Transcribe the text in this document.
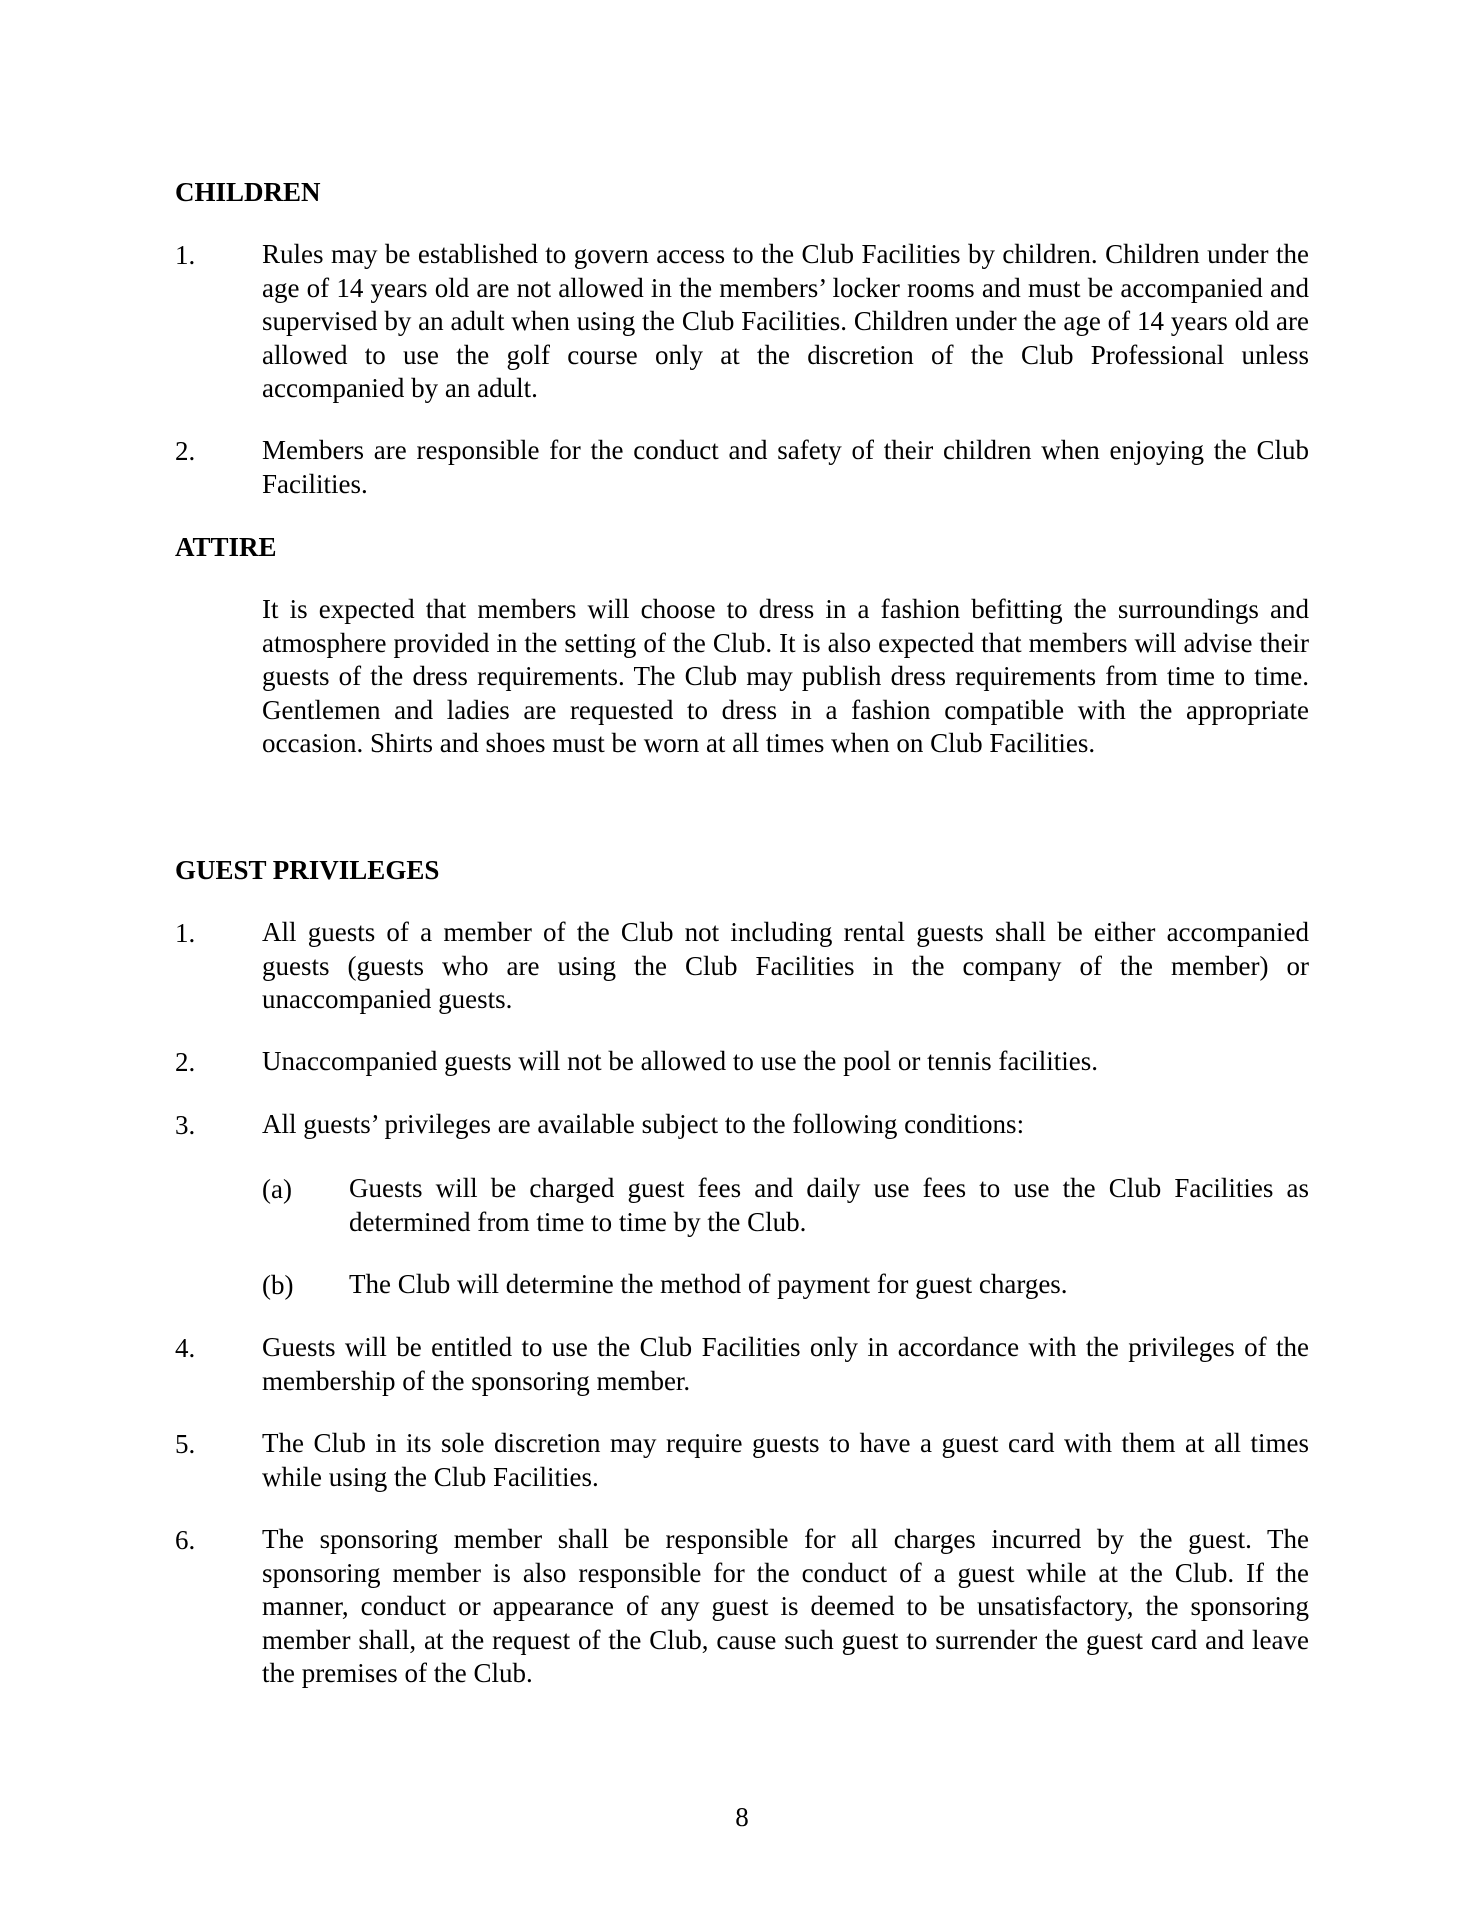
CHILDREN
1. Rules may be established to govern access to the Club Facilities by children. Children under the age of 14 years old are not allowed in the members’ locker rooms and must be accompanied and supervised by an adult when using the Club Facilities. Children under the age of 14 years old are allowed to use the golf course only at the discretion of the Club Professional unless accompanied by an adult.

2. Members are responsible for the conduct and safety of their children when enjoying the Club Facilities.

ATTIRE

It is expected that members will choose to dress in a fashion befitting the surroundings and atmosphere provided in the setting of the Club. It is also expected that members will advise their guests of the dress requirements. The Club may publish dress requirements from time to time. Gentlemen and ladies are requested to dress in a fashion compatible with the appropriate occasion. Shirts and shoes must be worn at all times when on Club Facilities.

GUEST PRIVILEGES
1. All guests of a member of the Club not including rental guests shall be either accompanied guests (guests who are using the Club Facilities in the company of the member) or unaccompanied guests.

2. Unaccompanied guests will not be allowed to use the pool or tennis facilities.

3. All guests’ privileges are available subject to the following conditions:

(a) Guests will be charged guest fees and daily use fees to use the Club Facilities as determined from time to time by the Club.

(b) The Club will determine the method of payment for guest charges.

4. Guests will be entitled to use the Club Facilities only in accordance with the privileges of the membership of the sponsoring member.

5. The Club in its sole discretion may require guests to have a guest card with them at all times while using the Club Facilities.

6. The sponsoring member shall be responsible for all charges incurred by the guest. The sponsoring member is also responsible for the conduct of a guest while at the Club. If the manner, conduct or appearance of any guest is deemed to be unsatisfactory, the sponsoring member shall, at the request of the Club, cause such guest to surrender the guest card and leave the premises of the Club.

8
